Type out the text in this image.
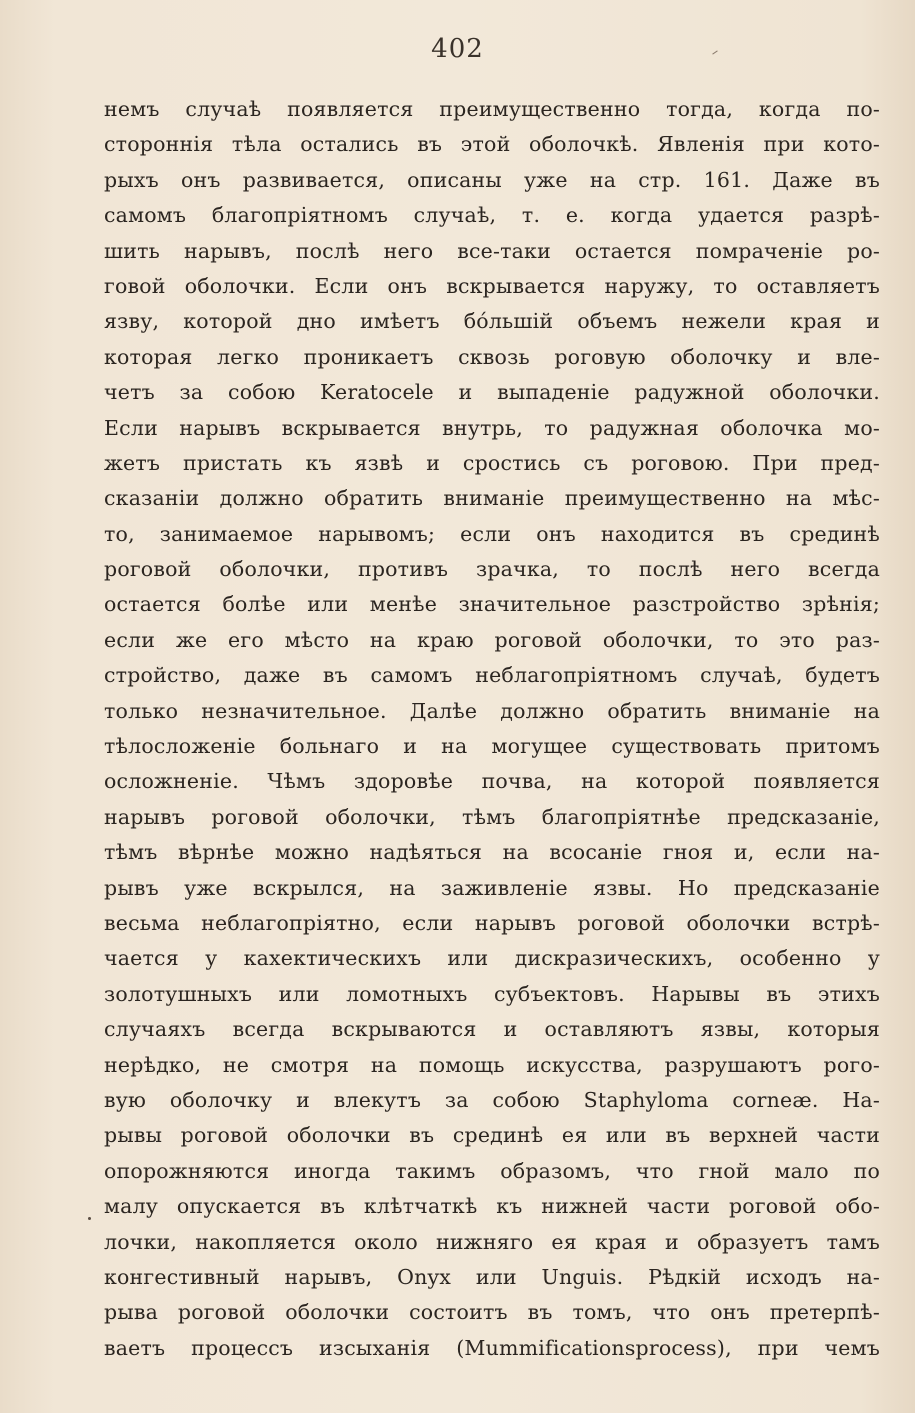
402
немъ случаѣ появляется преимущественно тогда, когда по-
стороннія тѣла остались въ этой оболочкѣ. Явленія при кото-
рыхъ онъ развивается, описаны уже на стр. 161. Даже въ
самомъ благопріятномъ случаѣ, т. е. когда удается разрѣ-
шить нарывъ, послѣ него все-таки остается помраченіе ро-
говой оболочки. Если онъ вскрывается наружу, то оставляетъ
язву, которой дно имѣетъ бо́льшій объемъ нежели края и
которая легко проникаетъ сквозь роговую оболочку и вле-
четъ за собою Keratocele и выпаденіе радужной оболочки.
Если нарывъ вскрывается внутрь, то радужная оболочка мо-
жетъ пристать къ язвѣ и сростись съ роговою. При пред-
сказаніи должно обратить вниманіе преимущественно на мѣс-
то, занимаемое нарывомъ; если онъ находится въ срединѣ
роговой оболочки, противъ зрачка, то послѣ него всегда
остается болѣе или менѣе значительное разстройство зрѣнія;
если же его мѣсто на краю роговой оболочки, то это раз-
стройство, даже въ самомъ неблагопріятномъ случаѣ, будетъ
только незначительное. Далѣе должно обратить вниманіе на
тѣлосложеніе больнаго и на могущее существовать притомъ
осложненіе. Чѣмъ здоровѣе почва, на которой появляется
нарывъ роговой оболочки, тѣмъ благопріятнѣе предсказаніе,
тѣмъ вѣрнѣе можно надѣяться на всосаніе гноя и, если на-
рывъ уже вскрылся, на заживленіе язвы. Но предсказаніе
весьма неблагопріятно, если нарывъ роговой оболочки встрѣ-
чается у кахектическихъ или дискразическихъ, особенно у
золотушныхъ или ломотныхъ субъектовъ. Нарывы въ этихъ
случаяхъ всегда вскрываются и оставляютъ язвы, которыя
нерѣдко, не смотря на помощь искусства, разрушаютъ рого-
вую оболочку и влекутъ за собою Staphyloma corneæ. На-
рывы роговой оболочки въ срединѣ ея или въ верхней части
опорожняются иногда такимъ образомъ, что гной мало по
малу опускается въ клѣтчаткѣ къ нижней части роговой обо-
лочки, накопляется около нижняго ея края и образуетъ тамъ
конгестивный нарывъ, Onyx или Unguis. Рѣдкій исходъ на-
рыва роговой оболочки состоитъ въ томъ, что онъ претерпѣ-
ваетъ процессъ изсыханія (Mummificationsprocess), при чемъ
